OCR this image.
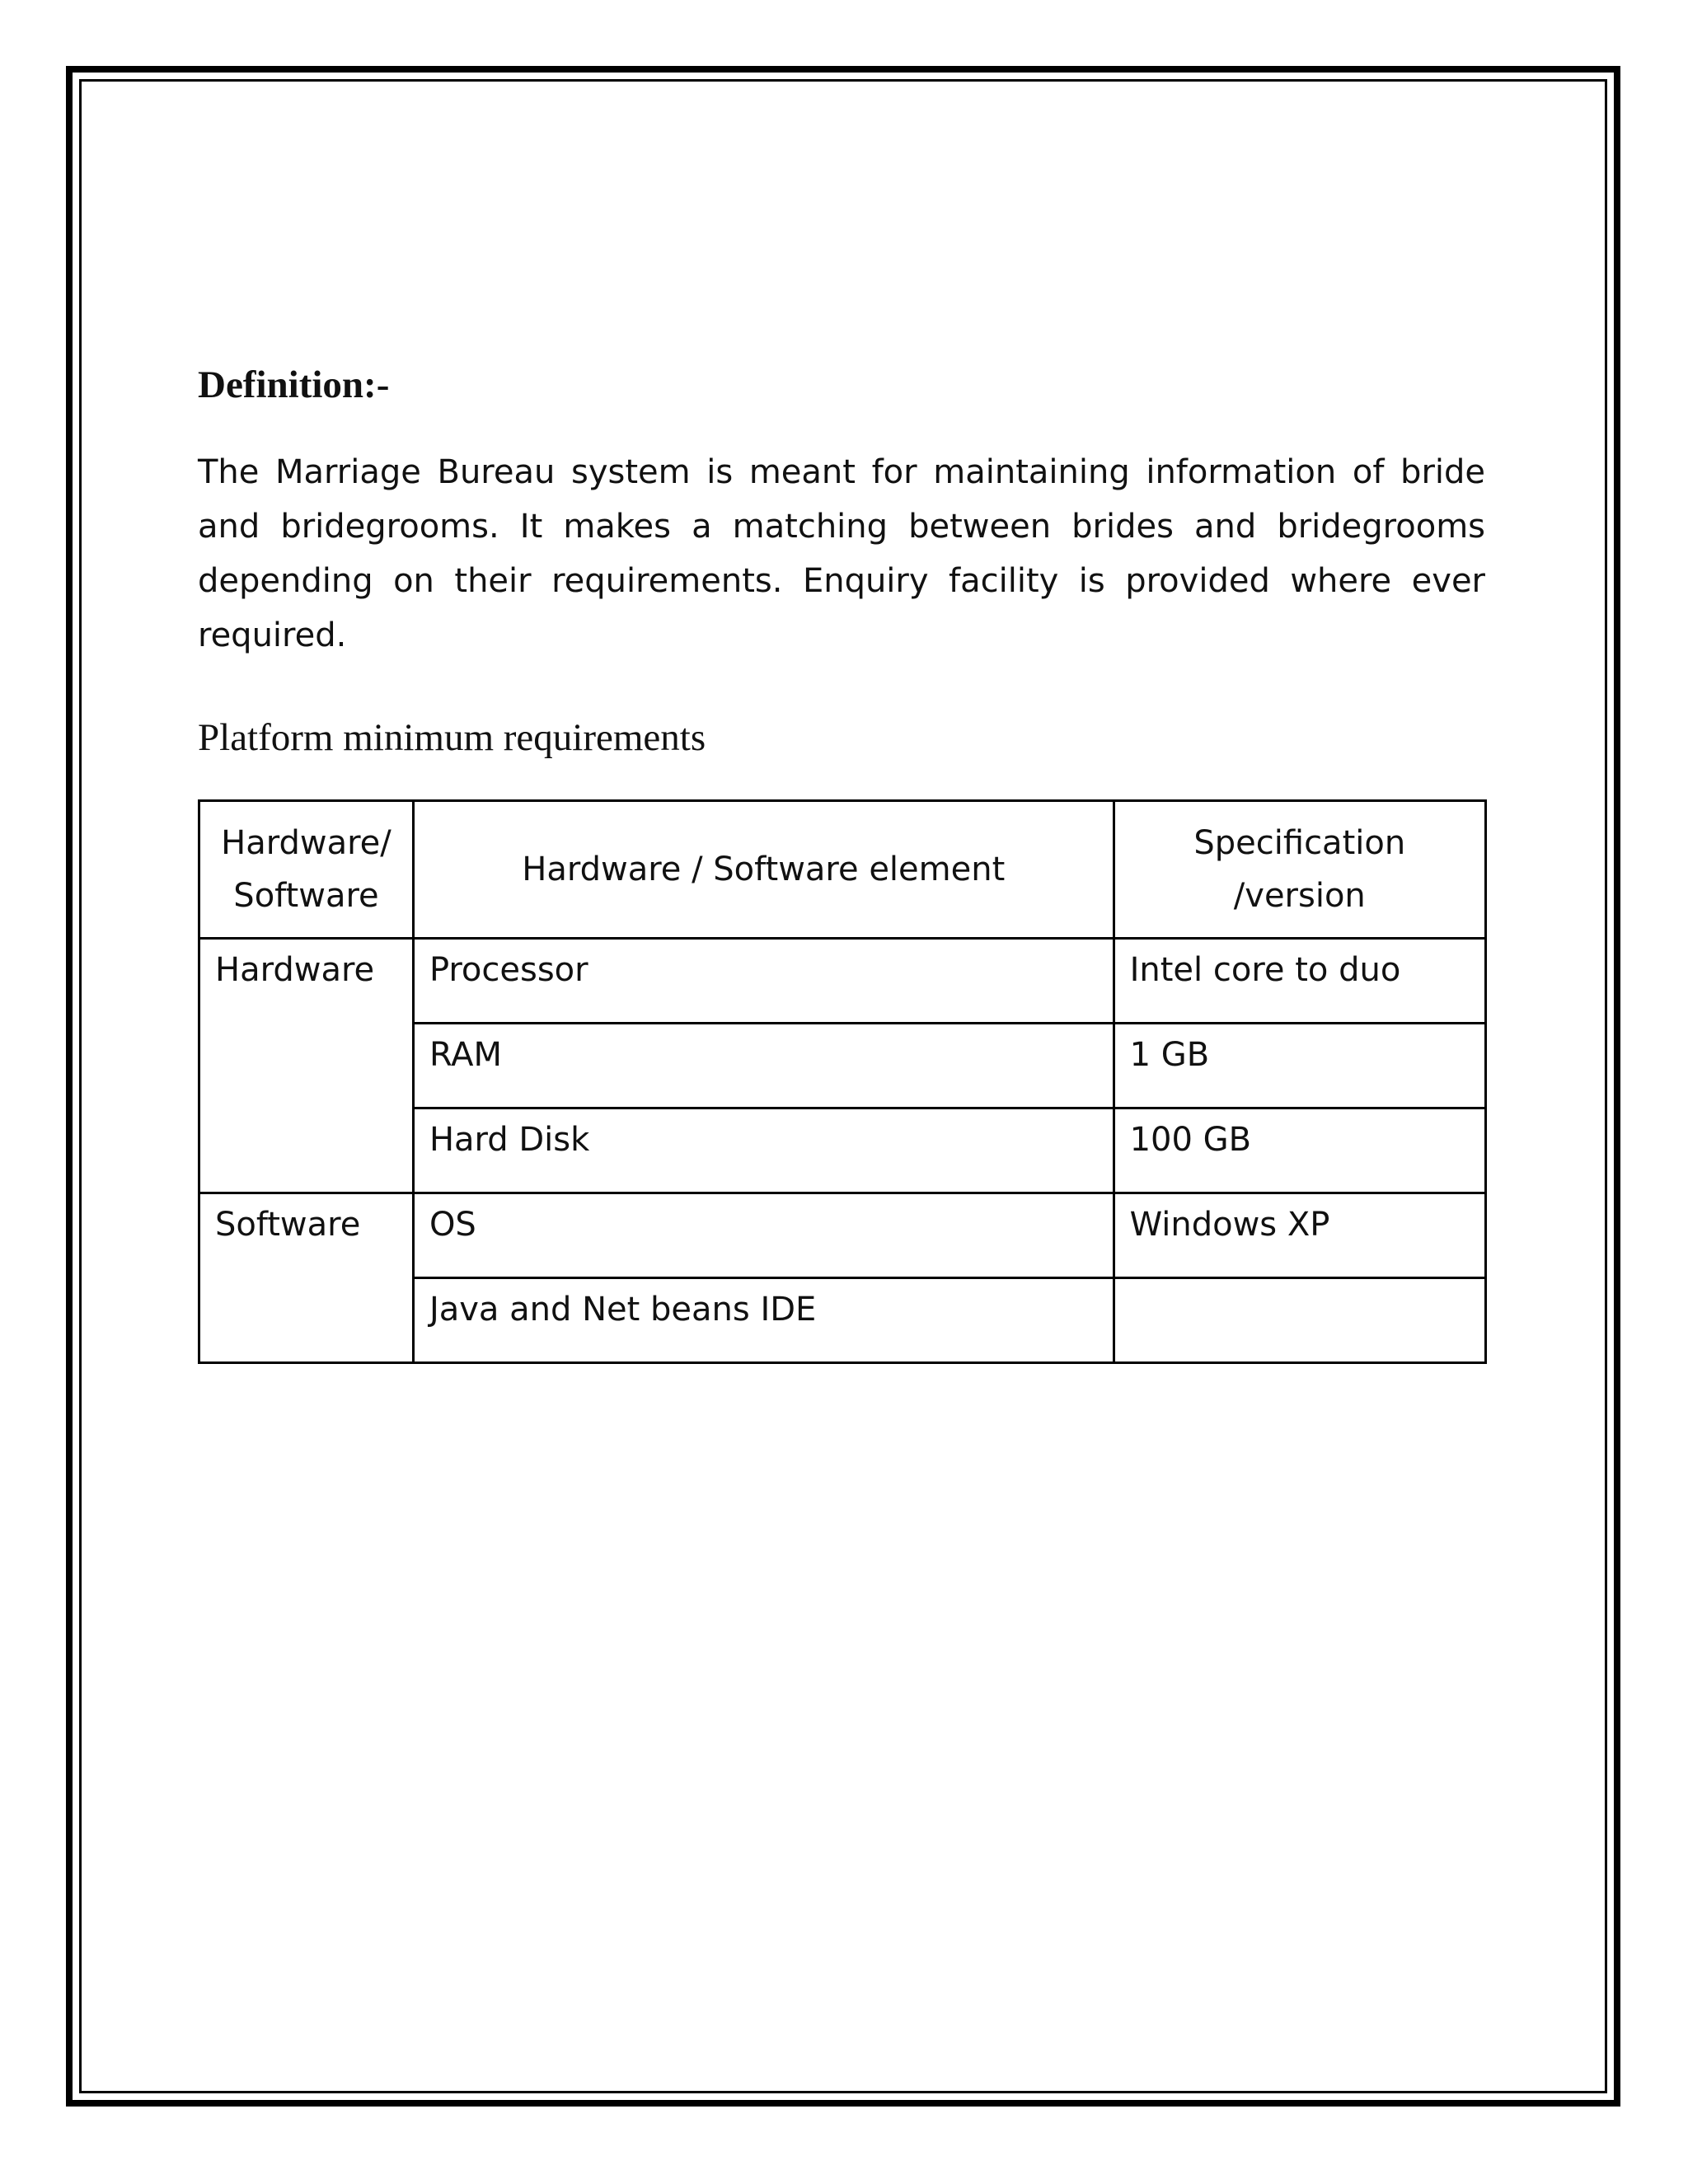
Definition:-

The Marriage Bureau system is meant for maintaining information of bride and bridegrooms. It makes a matching between brides and bridegrooms depending on their requirements. Enquiry facility is provided where ever required.

Platform minimum requirements

Hardware/ Software	Hardware / Software element	Specification /version
Hardware	Processor	Intel core to duo
	RAM	1 GB
	Hard Disk	100 GB
Software	OS	Windows XP
	Java and Net beans IDE	
